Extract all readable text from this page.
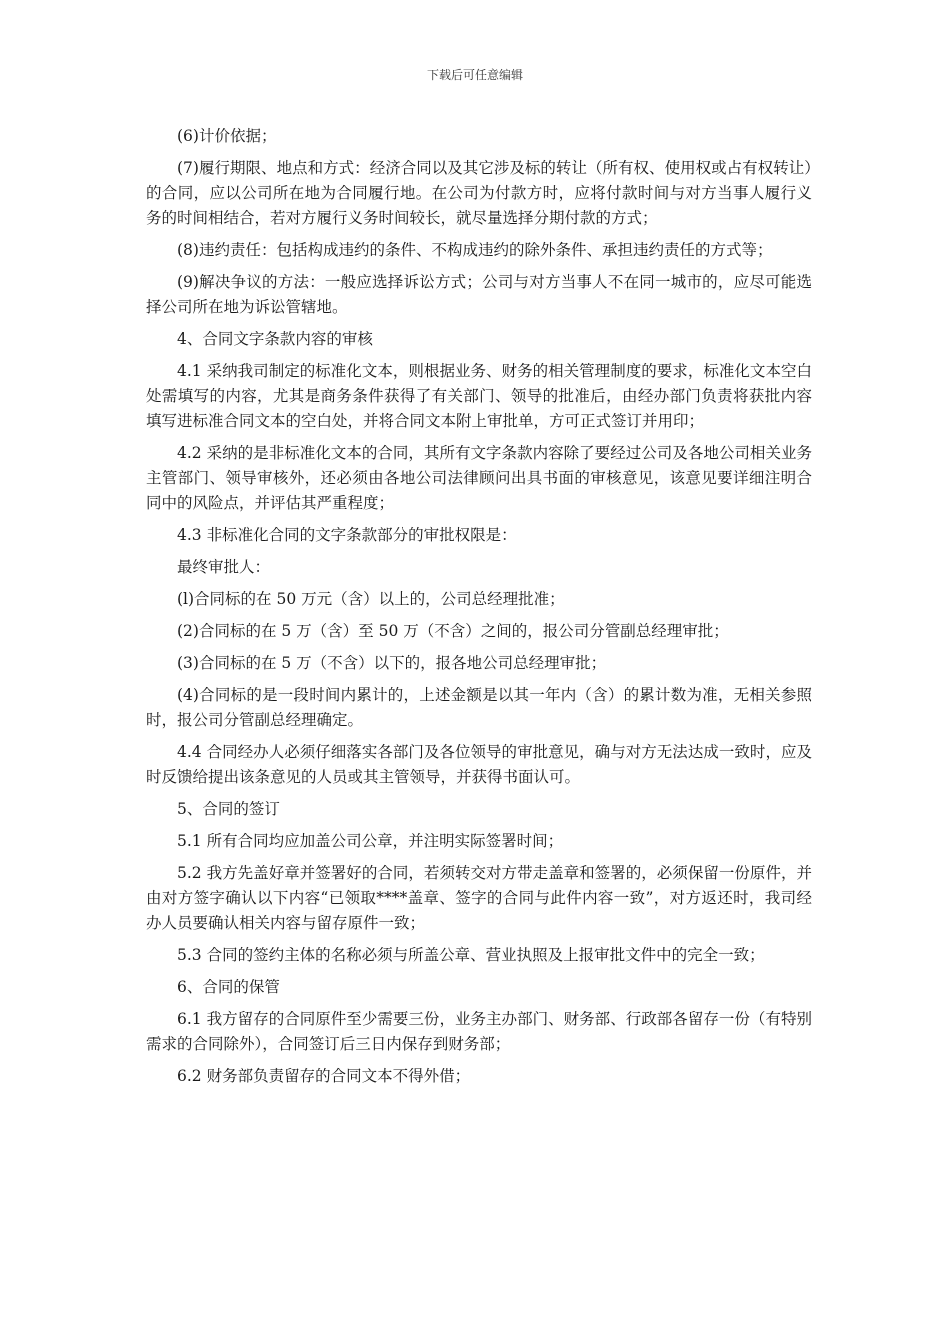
下载后可任意编辑

(6)计价依据；

(7)履行期限、地点和方式：经济合同以及其它涉及标的转让（所有权、使用权或占有权转让）的合同，应以公司所在地为合同履行地。在公司为付款方时，应将付款时间与对方当事人履行义务的时间相结合，若对方履行义务时间较长，就尽量选择分期付款的方式；

(8)违约责任：包括构成违约的条件、不构成违约的除外条件、承担违约责任的方式等；

(9)解决争议的方法：一般应选择诉讼方式；公司与对方当事人不在同一城市的，应尽可能选择公司所在地为诉讼管辖地。

4、合同文字条款内容的审核

4.1 采纳我司制定的标准化文本，则根据业务、财务的相关管理制度的要求，标准化文本空白处需填写的内容，尤其是商务条件获得了有关部门、领导的批准后，由经办部门负责将获批内容填写进标准合同文本的空白处，并将合同文本附上审批单，方可正式签订并用印；

4.2 采纳的是非标准化文本的合同，其所有文字条款内容除了要经过公司及各地公司相关业务主管部门、领导审核外，还必须由各地公司法律顾问出具书面的审核意见，该意见要详细注明合同中的风险点，并评估其严重程度；

4.3 非标准化合同的文字条款部分的审批权限是：

最终审批人：

(l)合同标的在 50 万元（含）以上的，公司总经理批准；

(2)合同标的在 5 万（含）至 50 万（不含）之间的，报公司分管副总经理审批；

(3)合同标的在 5 万（不含）以下的，报各地公司总经理审批；

(4)合同标的是一段时间内累计的，上述金额是以其一年内（含）的累计数为准，无相关参照时，报公司分管副总经理确定。

4.4 合同经办人必须仔细落实各部门及各位领导的审批意见，确与对方无法达成一致时，应及时反馈给提出该条意见的人员或其主管领导，并获得书面认可。

5、合同的签订

5.1 所有合同均应加盖公司公章，并注明实际签署时间；

5.2 我方先盖好章并签署好的合同，若须转交对方带走盖章和签署的，必须保留一份原件，并由对方签字确认以下内容“已领取****盖章、签字的合同与此件内容一致”，对方返还时，我司经办人员要确认相关内容与留存原件一致；

5.3 合同的签约主体的名称必须与所盖公章、营业执照及上报审批文件中的完全一致；

6、合同的保管

6.1 我方留存的合同原件至少需要三份，业务主办部门、财务部、行政部各留存一份（有特别需求的合同除外），合同签订后三日内保存到财务部；

6.2 财务部负责留存的合同文本不得外借；
